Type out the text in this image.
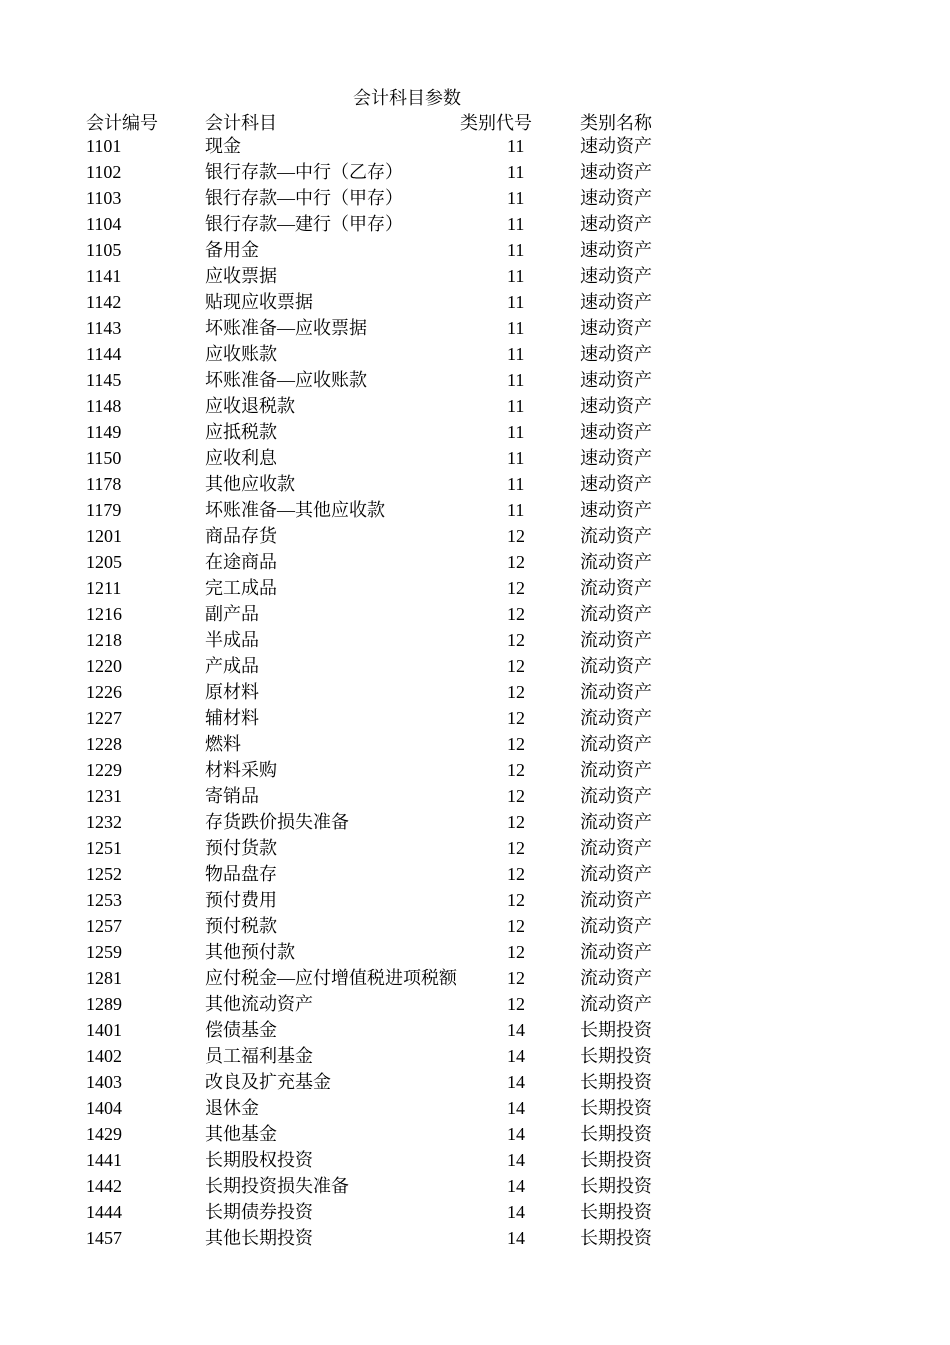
会计科目参数
会计编号	会计科目	类别代号	类别名称
1101	现金	11	速动资产
1102	银行存款—中行（乙存）	11	速动资产
1103	银行存款—中行（甲存）	11	速动资产
1104	银行存款—建行（甲存）	11	速动资产
1105	备用金	11	速动资产
1141	应收票据	11	速动资产
1142	贴现应收票据	11	速动资产
1143	坏账准备—应收票据	11	速动资产
1144	应收账款	11	速动资产
1145	坏账准备—应收账款	11	速动资产
1148	应收退税款	11	速动资产
1149	应抵税款	11	速动资产
1150	应收利息	11	速动资产
1178	其他应收款	11	速动资产
1179	坏账准备—其他应收款	11	速动资产
1201	商品存货	12	流动资产
1205	在途商品	12	流动资产
1211	完工成品	12	流动资产
1216	副产品	12	流动资产
1218	半成品	12	流动资产
1220	产成品	12	流动资产
1226	原材料	12	流动资产
1227	辅材料	12	流动资产
1228	燃料	12	流动资产
1229	材料采购	12	流动资产
1231	寄销品	12	流动资产
1232	存货跌价损失准备	12	流动资产
1251	预付货款	12	流动资产
1252	物品盘存	12	流动资产
1253	预付费用	12	流动资产
1257	预付税款	12	流动资产
1259	其他预付款	12	流动资产
1281	应付税金—应付增值税进项税额	12	流动资产
1289	其他流动资产	12	流动资产
1401	偿债基金	14	长期投资
1402	员工福利基金	14	长期投资
1403	改良及扩充基金	14	长期投资
1404	退休金	14	长期投资
1429	其他基金	14	长期投资
1441	长期股权投资	14	长期投资
1442	长期投资损失准备	14	长期投资
1444	长期债券投资	14	长期投资
1457	其他长期投资	14	长期投资
